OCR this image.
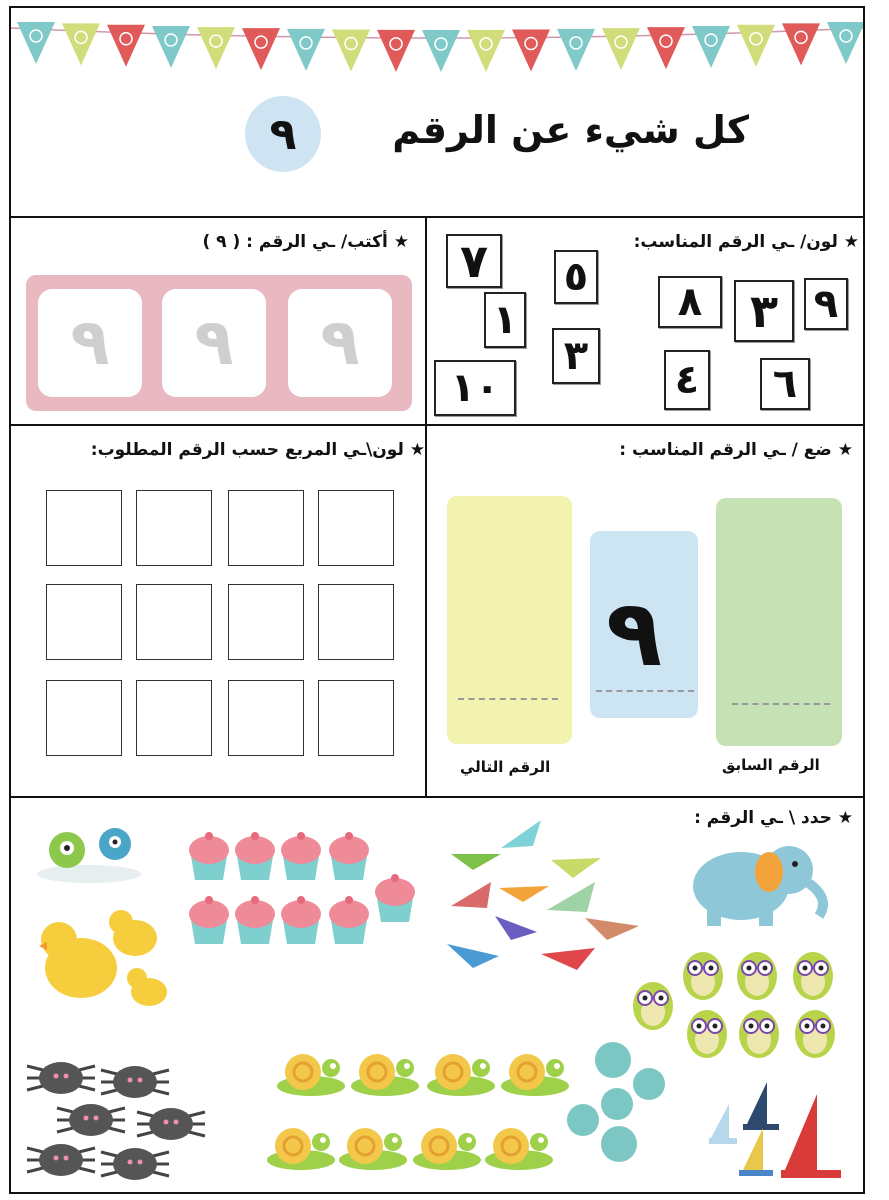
كل شيء عن الرقم
٩
★ أكتب/ ـي الرقم : ( ٩ )
٩	٩	٩
★ لون/ ـي الرقم المناسب:
٧	٥
٨	٣ ٩
١
٣
١٠	٤	٦
★ لون\ـي المربع حسب الرقم المطلوب:	★ ضع / ـي الرقم المناسب :
٩
الرقم التالي	الرقم السابق
★ حدد \ ـي الرقم :
